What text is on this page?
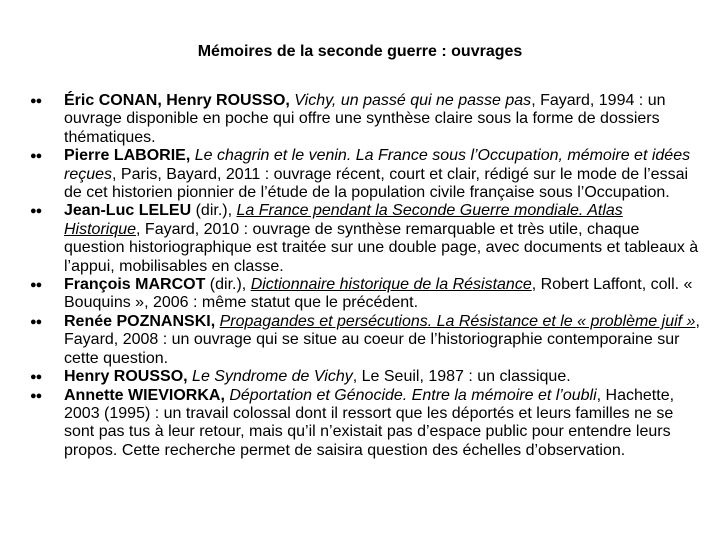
Mémoires de la seconde guerre : ouvrages
●● Éric CONAN, Henry ROUSSO, Vichy, un passé qui ne passe pas, Fayard, 1994 : un ouvrage disponible en poche qui offre une synthèse claire sous la forme de dossiers thématiques.
●● Pierre LABORIE, Le chagrin et le venin. La France sous l’Occupation, mémoire et idées reçues, Paris, Bayard, 2011 : ouvrage récent, court et clair, rédigé sur le mode de l’essai de cet historien pionnier de l’étude de la population civile française sous l’Occupation.
●● Jean-Luc LELEU (dir.), La France pendant la Seconde Guerre mondiale. Atlas Historique, Fayard, 2010 : ouvrage de synthèse remarquable et très utile, chaque question historiographique est traitée sur une double page, avec documents et tableaux à l’appui, mobilisables en classe.
●● François MARCOT (dir.), Dictionnaire historique de la Résistance, Robert Laffont, coll. « Bouquins », 2006 : même statut que le précédent.
●● Renée POZNANSKI, Propagandes et persécutions. La Résistance et le « problème juif », Fayard, 2008 : un ouvrage qui se situe au coeur de l’historiographie contemporaine sur cette question.
●● Henry ROUSSO, Le Syndrome de Vichy, Le Seuil, 1987 : un classique.
●● Annette WIEVIORKA, Déportation et Génocide. Entre la mémoire et l’oubli, Hachette, 2003 (1995) : un travail colossal dont il ressort que les déportés et leurs familles ne se sont pas tus à leur retour, mais qu’il n’existait pas d’espace public pour entendre leurs propos. Cette recherche permet de saisira question des échelles d’observation.
